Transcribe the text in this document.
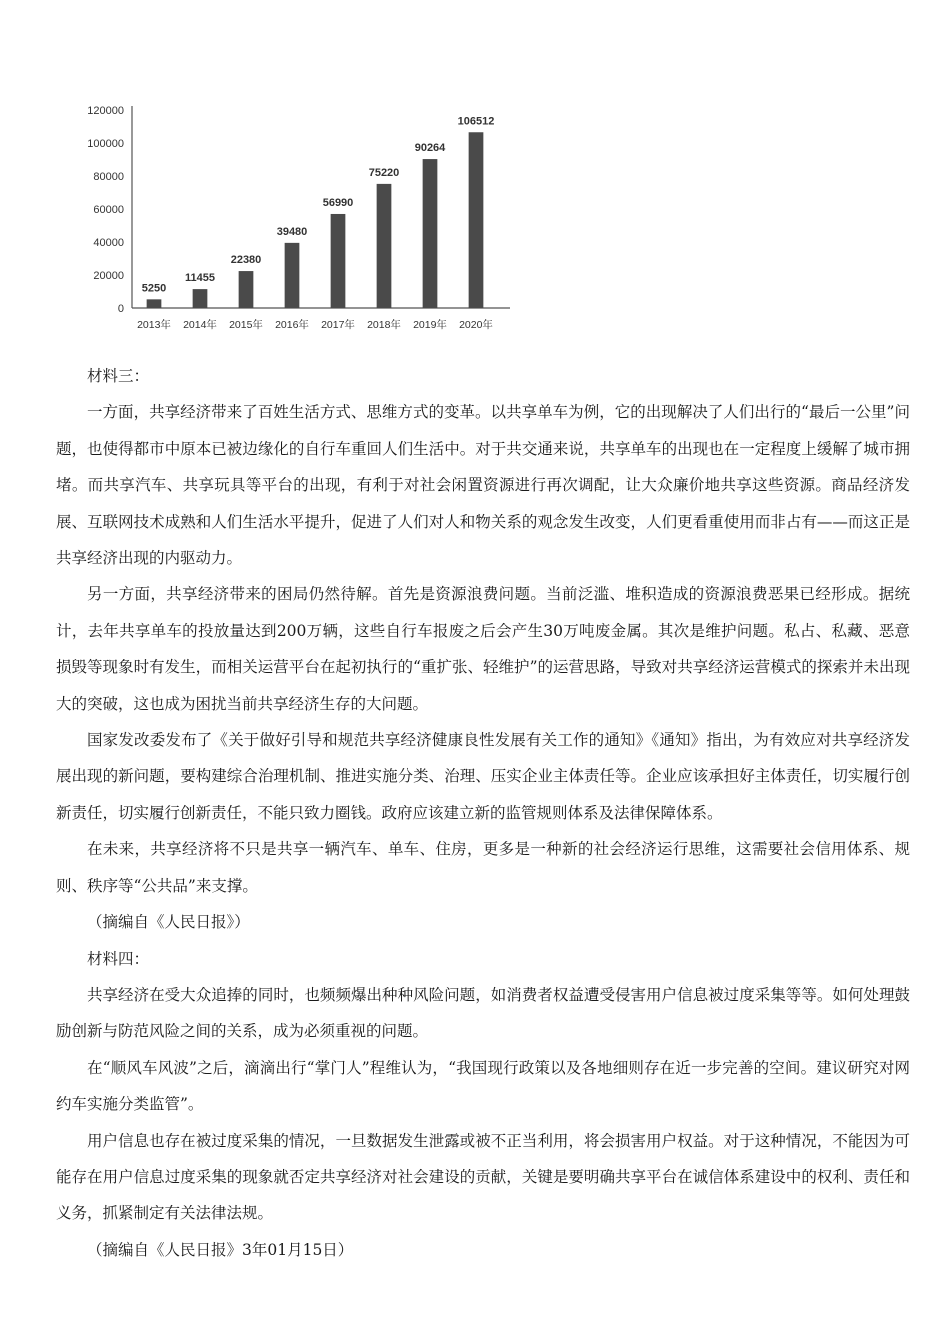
0
20000
40000
60000
80000
100000
120000
5250
2013年
11455
2014年
22380
2015年
39480
2016年
56990
2017年
75220
2018年
90264
2019年
106512
2020年

材料三：

一方面，共享经济带来了百姓生活方式、思维方式的变革。以共享单车为例，它的出现解决了人们出行的“最后一公里”问题，也使得都市中原本已被边缘化的自行车重回人们生活中。对于共交通来说，共享单车的出现也在一定程度上缓解了城市拥堵。而共享汽车、共享玩具等平台的出现，有利于对社会闲置资源进行再次调配，让大众廉价地共享这些资源。商品经济发展、互联网技术成熟和人们生活水平提升，促进了人们对人和物关系的观念发生改变，人们更看重使用而非占有——而这正是共享经济出现的内驱动力。

另一方面，共享经济带来的困局仍然待解。首先是资源浪费问题。当前泛滥、堆积造成的资源浪费恶果已经形成。据统计，去年共享单车的投放量达到200万辆，这些自行车报废之后会产生30万吨废金属。其次是维护问题。私占、私藏、恶意损毁等现象时有发生，而相关运营平台在起初执行的“重扩张、轻维护”的运营思路，导致对共享经济运营模式的探索并未出现大的突破，这也成为困扰当前共享经济生存的大问题。

国家发改委发布了《关于做好引导和规范共享经济健康良性发展有关工作的通知》《通知》指出，为有效应对共享经济发展出现的新问题，要构建综合治理机制、推进实施分类、治理、压实企业主体责任等。企业应该承担好主体责任，切实履行创新责任，切实履行创新责任，不能只致力圈钱。政府应该建立新的监管规则体系及法律保障体系。

在未来，共享经济将不只是共享一辆汽车、单车、住房，更多是一种新的社会经济运行思维，这需要社会信用体系、规则、秩序等“公共品”来支撑。

（摘编自《人民日报》）

材料四：

共享经济在受大众追捧的同时，也频频爆出种种风险问题，如消费者权益遭受侵害用户信息被过度采集等等。如何处理鼓励创新与防范风险之间的关系，成为必须重视的问题。

在“顺风车风波”之后，滴滴出行“掌门人”程维认为，“我国现行政策以及各地细则存在近一步完善的空间。建议研究对网约车实施分类监管”。

用户信息也存在被过度采集的情况，一旦数据发生泄露或被不正当利用，将会损害用户权益。对于这种情况，不能因为可能存在用户信息过度采集的现象就否定共享经济对社会建设的贡献，关键是要明确共享平台在诚信体系建设中的权利、责任和义务，抓紧制定有关法律法规。

（摘编自《人民日报》3年01月15日）
